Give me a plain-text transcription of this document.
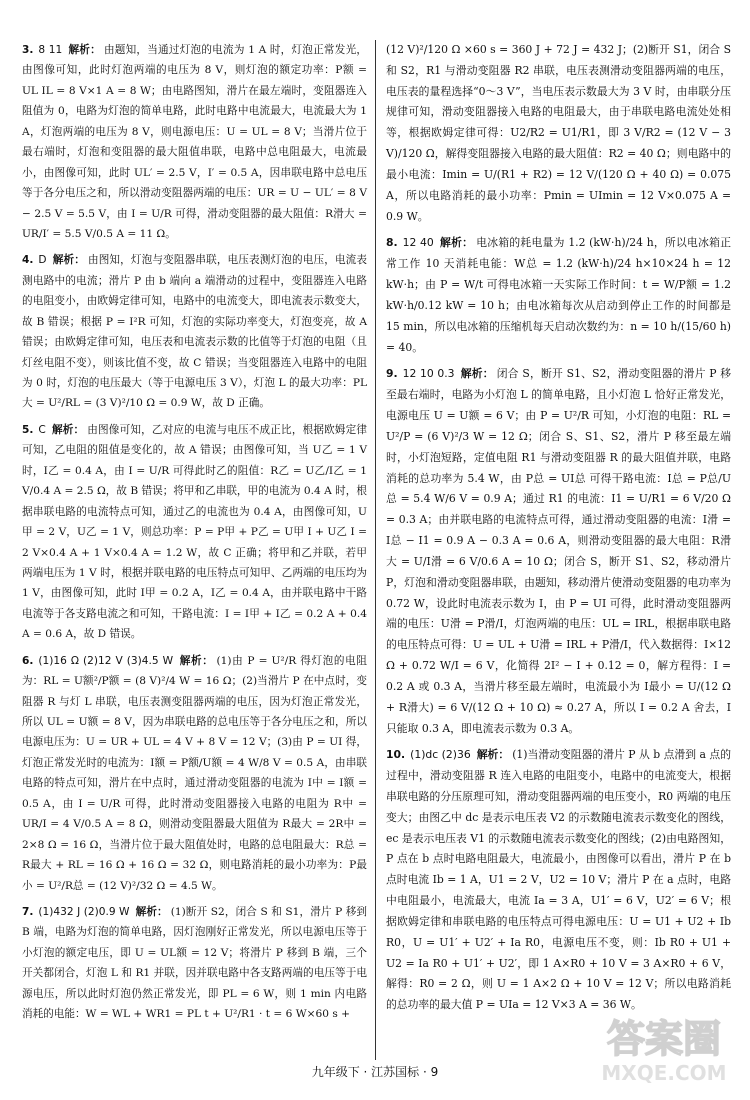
3. 8 11 解析： 由题知，当通过灯泡的电流为 1 A 时，灯泡正常发光，由图像可知，此时灯泡两端的电压为 8 V，则灯泡的额定功率：P额 = UL IL = 8 V×1 A = 8 W；由电路图知，滑片在最左端时，变阻器连入阻值为 0，电路为灯泡的简单电路，此时电路中电流最大，电流最大为 1 A，灯泡两端的电压为 8 V，则电源电压：U = UL = 8 V；当滑片位于最右端时，灯泡和变阻器的最大阻值串联，电路中总电阻最大，电流最小，由图像可知，此时 UL′ = 2.5 V，I′ = 0.5 A，因串联电路中总电压等于各分电压之和，所以滑动变阻器两端的电压：UR = U − UL′ = 8 V − 2.5 V = 5.5 V，由 I = U/R 可得，滑动变阻器的最大阻值：R滑大 = UR/I′ = 5.5 V/0.5 A = 11 Ω。

4. D 解析： 由图知，灯泡与变阻器串联，电压表测灯泡的电压，电流表测电路中的电流；滑片 P 由 b 端向 a 端滑动的过程中，变阻器连入电路的电阻变小，由欧姆定律可知，电路中的电流变大，即电流表示数变大，故 B 错误；根据 P = I²R 可知，灯泡的实际功率变大，灯泡变亮，故 A 错误；由欧姆定律可知，电压表和电流表示数的比值等于灯泡的电阻（且灯丝电阻不变），则该比值不变，故 C 错误；当变阻器连入电路中的电阻为 0 时，灯泡的电压最大（等于电源电压 3 V），灯泡 L 的最大功率：PL大 = U²/RL = (3 V)²/10 Ω = 0.9 W，故 D 正确。

5. C 解析： 由图像可知，乙对应的电流与电压不成正比，根据欧姆定律可知，乙电阻的阻值是变化的，故 A 错误；由图像可知，当 U乙 = 1 V 时，I乙 = 0.4 A，由 I = U/R 可得此时乙的阻值：R乙 = U乙/I乙 = 1 V/0.4 A = 2.5 Ω，故 B 错误；将甲和乙串联，甲的电流为 0.4 A 时，根据串联电路的电流特点可知，通过乙的电流也为 0.4 A，由图像可知，U甲 = 2 V，U乙 = 1 V，则总功率：P = P甲 + P乙 = U甲 I + U乙 I = 2 V×0.4 A + 1 V×0.4 A = 1.2 W，故 C 正确；将甲和乙并联，若甲两端电压为 1 V 时，根据并联电路的电压特点可知甲、乙两端的电压均为 1 V，由图像可知，此时 I甲 = 0.2 A，I乙 = 0.4 A，由并联电路中干路电流等于各支路电流之和可知，干路电流：I = I甲 + I乙 = 0.2 A + 0.4 A = 0.6 A，故 D 错误。

6. (1)16 Ω (2)12 V (3)4.5 W 解析： (1)由 P = U²/R 得灯泡的电阻为：RL = U额²/P额 = (8 V)²/4 W = 16 Ω；(2)当滑片 P 在中点时，变阻器 R 与灯 L 串联，电压表测变阻器两端的电压，因为灯泡正常发光，所以 UL = U额 = 8 V，因为串联电路的总电压等于各分电压之和，所以电源电压为：U = UR + UL = 4 V + 8 V = 12 V；(3)由 P = UI 得，灯泡正常发光时的电流为：I额 = P额/U额 = 4 W/8 V = 0.5 A，由串联电路的特点可知，滑片在中点时，通过滑动变阻器的电流为 I中 = I额 = 0.5 A，由 I = U/R 可得，此时滑动变阻器接入电路的电阻为 R中 = UR/I = 4 V/0.5 A = 8 Ω，则滑动变阻器最大阻值为 R最大 = 2R中 = 2×8 Ω = 16 Ω，当滑片位于最大阻值处时，电路的总电阻最大：R总 = R最大 + RL = 16 Ω + 16 Ω = 32 Ω，则电路消耗的最小功率为：P最小 = U²/R总 = (12 V)²/32 Ω = 4.5 W。

7. (1)432 J (2)0.9 W 解析： (1)断开 S2，闭合 S 和 S1，滑片 P 移到 B 端，电路为灯泡的简单电路，因灯泡刚好正常发光，所以电源电压等于小灯泡的额定电压，即 U = UL额 = 12 V；将滑片 P 移到 B 端，三个开关都闭合，灯泡 L 和 R1 并联，因并联电路中各支路两端的电压等于电源电压，所以此时灯泡仍然正常发光，即 PL = 6 W，则 1 min 内电路消耗的电能：W = WL + WR1 = PL t + U²/R1 · t = 6 W×60 s +

(12 V)²/120 Ω ×60 s = 360 J + 72 J = 432 J；(2)断开 S1，闭合 S 和 S2，R1 与滑动变阻器 R2 串联，电压表测滑动变阻器两端的电压，电压表的量程选择“0～3 V”，当电压表示数最大为 3 V 时，由串联分压规律可知，滑动变阻器接入电路的电阻最大，由于串联电路电流处处相等，根据欧姆定律可得：U2/R2 = U1/R1，即 3 V/R2 = (12 V − 3 V)/120 Ω，解得变阻器接入电路的最大阻值：R2 = 40 Ω；则电路中的最小电流：Imin = U/(R1 + R2) = 12 V/(120 Ω + 40 Ω) = 0.075 A，所以电路消耗的最小功率：Pmin = UImin = 12 V×0.075 A = 0.9 W。

8. 12 40 解析： 电冰箱的耗电量为 1.2 (kW·h)/24 h，所以电冰箱正常工作 10 天消耗电能：W总 = 1.2 (kW·h)/24 h×10×24 h = 12 kW·h；由 P = W/t 可得电冰箱一天实际工作时间：t = W/P额 = 1.2 kW·h/0.12 kW = 10 h；由电冰箱每次从启动到停止工作的时间都是 15 min，所以电冰箱的压缩机每天启动次数约为：n = 10 h/(15/60 h) = 40。

9. 12 10 0.3 解析： 闭合 S，断开 S1、S2，滑动变阻器的滑片 P 移至最右端时，电路为小灯泡 L 的简单电路，且小灯泡 L 恰好正常发光，电源电压 U = U额 = 6 V；由 P = U²/R 可知，小灯泡的电阻：RL = U²/P = (6 V)²/3 W = 12 Ω；闭合 S、S1、S2，滑片 P 移至最左端时，小灯泡短路，定值电阻 R1 与滑动变阻器 R 的最大阻值并联，电路消耗的总功率为 5.4 W，由 P总 = UI总 可得干路电流：I总 = P总/U总 = 5.4 W/6 V = 0.9 A；通过 R1 的电流：I1 = U/R1 = 6 V/20 Ω = 0.3 A；由并联电路的电流特点可得，通过滑动变阻器的电流：I滑 = I总 − I1 = 0.9 A − 0.3 A = 0.6 A，则滑动变阻器的最大电阻：R滑大 = U/I滑 = 6 V/0.6 A = 10 Ω；闭合 S，断开 S1、S2，移动滑片 P，灯泡和滑动变阻器串联，由题知，移动滑片使滑动变阻器的电功率为 0.72 W，设此时电流表示数为 I，由 P = UI 可得，此时滑动变阻器两端的电压：U滑 = P滑/I，灯泡两端的电压：UL = IRL，根据串联电路的电压特点可得：U = UL + U滑 = IRL + P滑/I，代入数据得：I×12 Ω + 0.72 W/I = 6 V，化简得 2I² − I + 0.12 = 0，解方程得：I = 0.2 A 或 0.3 A，当滑片移至最左端时，电流最小为 I最小 = U/(12 Ω + R滑大) = 6 V/(12 Ω + 10 Ω) ≈ 0.27 A，所以 I = 0.2 A 舍去，I 只能取 0.3 A，即电流表示数为 0.3 A。

10. (1)dc (2)36 解析： (1)当滑动变阻器的滑片 P 从 b 点滑到 a 点的过程中，滑动变阻器 R 连入电路的电阻变小，电路中的电流变大，根据串联电路的分压原理可知，滑动变阻器两端的电压变小，R0 两端的电压变大；由图乙中 dc 是表示电压表 V2 的示数随电流表示数变化的图线，ec 是表示电压表 V1 的示数随电流表示数变化的图线；(2)由电路图知，P 点在 b 点时电路电阻最大，电流最小，由图像可以看出，滑片 P 在 b 点时电流 Ib = 1 A，U1 = 2 V，U2 = 10 V；滑片 P 在 a 点时，电路中电阻最小，电流最大，电流 Ia = 3 A，U1′ = 6 V，U2′ = 6 V；根据欧姆定律和串联电路的电压特点可得电源电压：U = U1 + U2 + Ib R0，U = U1′ + U2′ + Ia R0，电源电压不变，则：Ib R0 + U1 + U2 = Ia R0 + U1′ + U2′，即 1 A×R0 + 10 V = 3 A×R0 + 6 V，解得：R0 = 2 Ω，则 U = 1 A×2 Ω + 10 V = 12 V；所以电路消耗的总功率的最大值 P = UIa = 12 V×3 A = 36 W。

九年级下 · 江苏国标 · 9
答案圈
MXQE.COM
